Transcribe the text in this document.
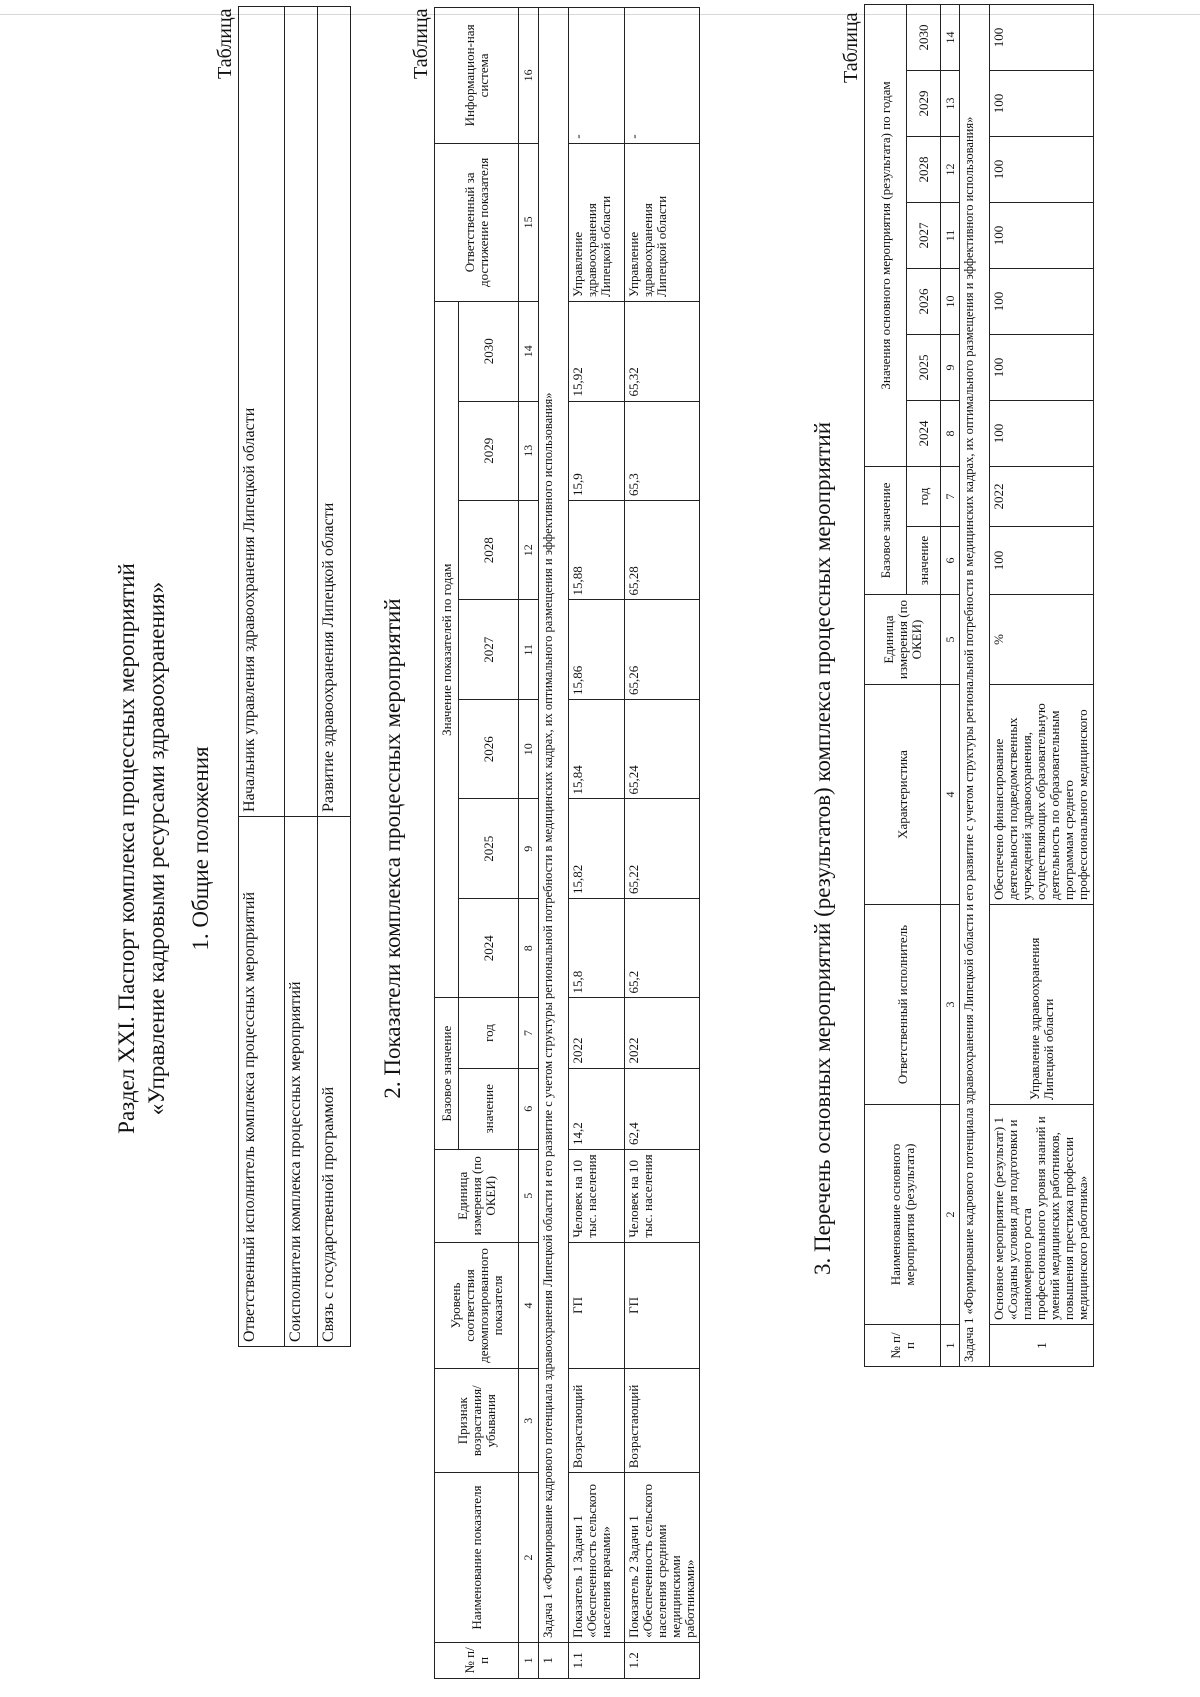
Раздел XXI. Паспорт комплекса процессных мероприятий «Управление кадровыми ресурсами здравоохранения» 1. Общие положения
Таблица
Ответственный исполнитель комплекса процессных мероприятий	Начальник управления здравоохранения Липецкой области
Соисполнители комплекса процессных мероприятий	
Связь с государственной программой	Развитие здравоохранения Липецкой области 2. Показатели комплекса процессных мероприятий
Таблица
№ п/п	Наименование показателя	Признак возрастания/ убывания	Уровень соответствия декомпозированного показателя	Единица измерения (по ОКЕИ)	Базовое значение		Значение показателей по годам							Ответственный за достижение показателя	Информацион-ная система
					значение	год	2024	2025	2026	2027	2028	2029	2030		
1	2	3	4	5	6	7	8	9	10	11	12	13	14	15	16
1	Задача 1 «Формирование кадрового потенциала здравоохранения Липецкой области и его развитие с учетом структуры региональной потребности в медицинских кадрах, их оптимального размещения и эффективного использования»														
1.1	Показатель 1 Задачи 1 «Обеспеченность сельского населения врачами»	Возрастающий	ГП	Человек на 10 тыс. населения	14,2	2022	15,8	15,82	15,84	15,86	15,88	15,9	15,92	Управление здравоохранения Липецкой области	-
1.2	Показатель 2 Задачи 1 «Обеспеченность сельского населения средними медицинскими работниками»	Возрастающий	ГП	Человек на 10 тыс. населения	62,4	2022	65,2	65,22	65,24	65,26	65,28	65,3	65,32	Управление здравоохранения Липецкой области	-
3. Перечень основных мероприятий (результатов) комплекса процессных мероприятий
Таблица
№ п/п	Наименование основного мероприятия (результата)	Ответственный исполнитель	Характеристика	Единица измерения (по ОКЕИ)	Базовое значение		Значения основного мероприятия (результата) по годам						
					значение	год	2024	2025	2026	2027	2028	2029	2030
1	2	3	4	5	6	7	8	9	10	11	12	13	14
Задача 1 «Формирование кадрового потенциала здравоохранения Липецкой области и его развитие с учетом структуры региональной потребности в медицинских кадрах, их оптимального размещения и эффективного использования»													
1	Основное мероприятие (результат) 1 «Созданы условия для подготовки и планомерного роста профессионального уровня знаний и умений медицинских работников, повышения престижа профессии медицинского работника»	Управление здравоохранения Липецкой области	Обеспечено финансирование деятельности подведомственных учреждений здравоохранения, осуществляющих образовательную деятельность по образовательным программам среднего профессионального медицинского	%	100	2022	100	100	100	100	100	100	100
